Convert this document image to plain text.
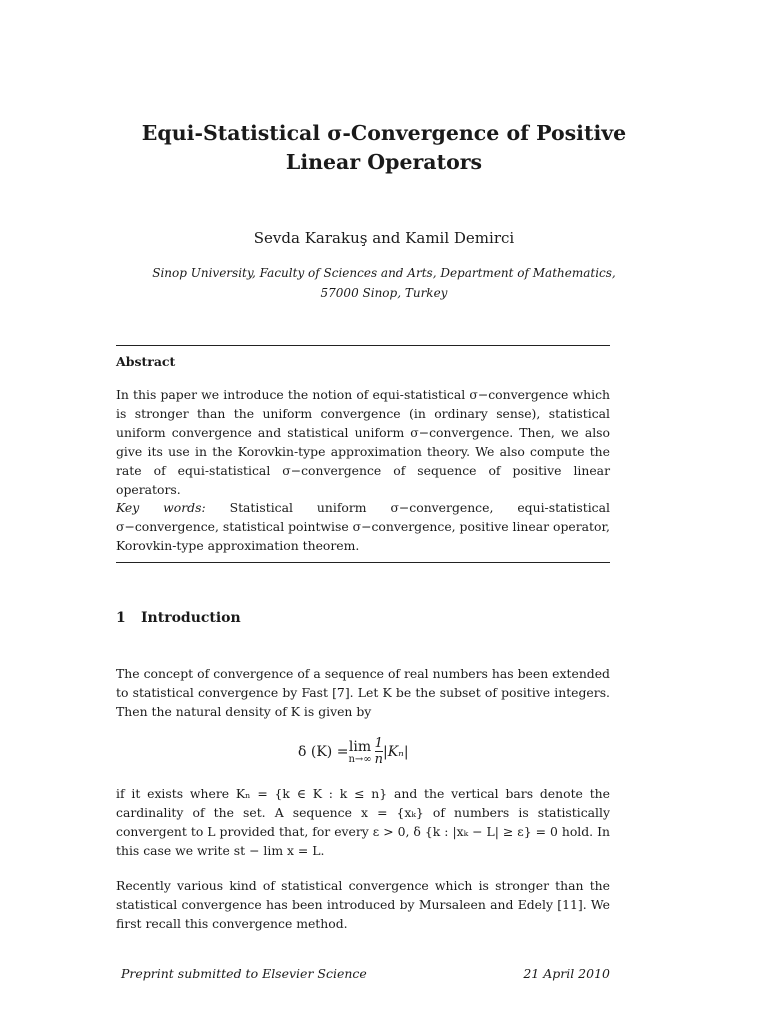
Equi-Statistical σ-Convergence of Positive
Linear Operators
Sevda Karakuş and Kamil Demirci
Sinop University, Faculty of Sciences and Arts, Department of Mathematics,
57000 Sinop, Turkey
Abstract
In this paper we introduce the notion of equi-statistical σ−convergence which is stronger than the uniform convergence (in ordinary sense), statistical uniform convergence and statistical uniform σ−convergence. Then, we also give its use in the Korovkin-type approximation theory. We also compute the rate of equi-statistical σ−convergence of sequence of positive linear operators.
Key words: Statistical uniform σ−convergence, equi-statistical σ−convergence, statistical pointwise σ−convergence, positive linear operator, Korovkin-type approximation theorem.
1 Introduction
The concept of convergence of a sequence of real numbers has been extended to statistical convergence by Fast [7]. Let K be the subset of positive integers. Then the natural density of K is given by
δ (K) = lim
$n\to\infty \frac{1}{n} |K_n|$
if it exists where Kₙ = {k ∈ K : k ≤ n} and the vertical bars denote the cardinality of the set. A sequence x = {xₖ} of numbers is statistically convergent to L provided that, for every ε > 0, δ {k : |xₖ − L| ≥ ε} = 0 hold. In this case we write st − lim x = L.
Recently various kind of statistical convergence which is stronger than the statistical convergence has been introduced by Mursaleen and Edely [11]. We first recall this convergence method.
Preprint submitted to Elsevier Science	21 April 2010
